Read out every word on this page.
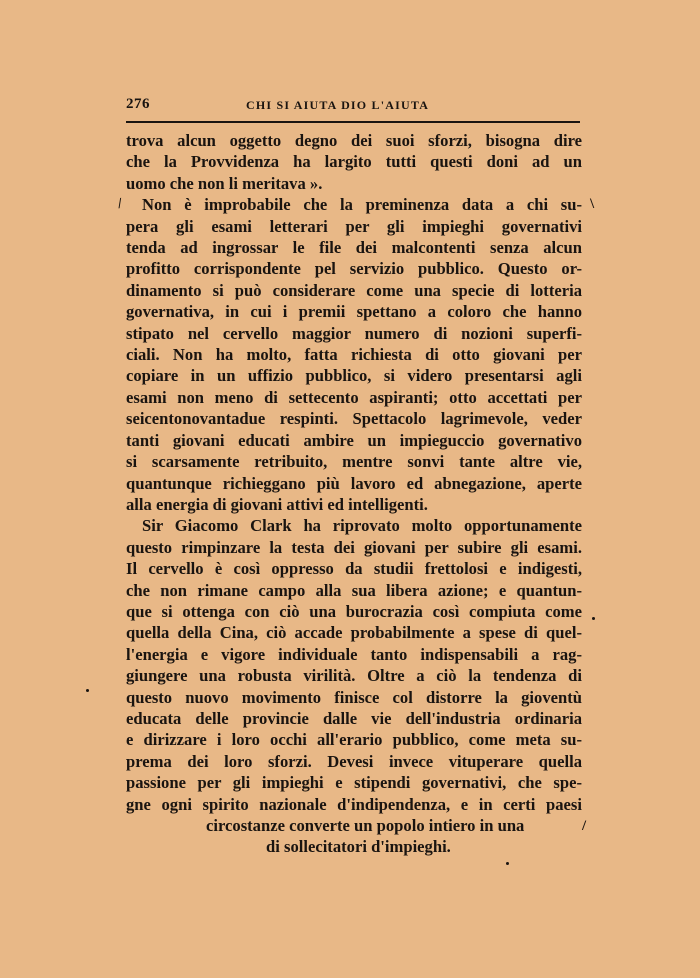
276	CHI SI AIUTA DIO L'AIUTA
trova alcun oggetto degno dei suoi sforzi, bisogna dire
che la Provvidenza ha largito tutti questi doni ad un
uomo che non li meritava ».
Non è improbabile che la preminenza data a chi su-
pera gli esami letterari per gli impieghi governativi
tenda ad ingrossar le file dei malcontenti senza alcun
profitto corrispondente pel servizio pubblico. Questo or-
dinamento si può considerare come una specie di lotteria
governativa, in cui i premii spettano a coloro che hanno
stipato nel cervello maggior numero di nozioni superfi-
ciali. Non ha molto, fatta richiesta di otto giovani per
copiare in un uffizio pubblico, si videro presentarsi agli
esami non meno di settecento aspiranti; otto accettati per
seicentonovantadue respinti. Spettacolo lagrimevole, veder
tanti giovani educati ambire un impieguccio governativo
si scarsamente retribuito, mentre sonvi tante altre vie,
quantunque richieggano più lavoro ed abnegazione, aperte
alla energia di giovani attivi ed intelligenti.
Sir Giacomo Clark ha riprovato molto opportunamente
questo rimpinzare la testa dei giovani per subire gli esami.
Il cervello è così oppresso da studii frettolosi e indigesti,
che non rimane campo alla sua libera azione; e quantun-
que si ottenga con ciò una burocrazia così compiuta come
quella della Cina, ciò accade probabilmente a spese di quel-
l'energia e vigore individuale tanto indispensabili a rag-
giungere una robusta virilità. Oltre a ciò la tendenza di
questo nuovo movimento finisce col distorre la gioventù
educata delle provincie dalle vie dell'industria ordinaria
e dirizzare i loro occhi all'erario pubblico, come meta su-
prema dei loro sforzi. Devesi invece vituperare quella
passione per gli impieghi e stipendi governativi, che spe-
gne ogni spirito nazionale d'indipendenza, e in certi paesi
circostanze converte un popolo intiero in una
di sollecitatori d'impieghi.
/	\
/
